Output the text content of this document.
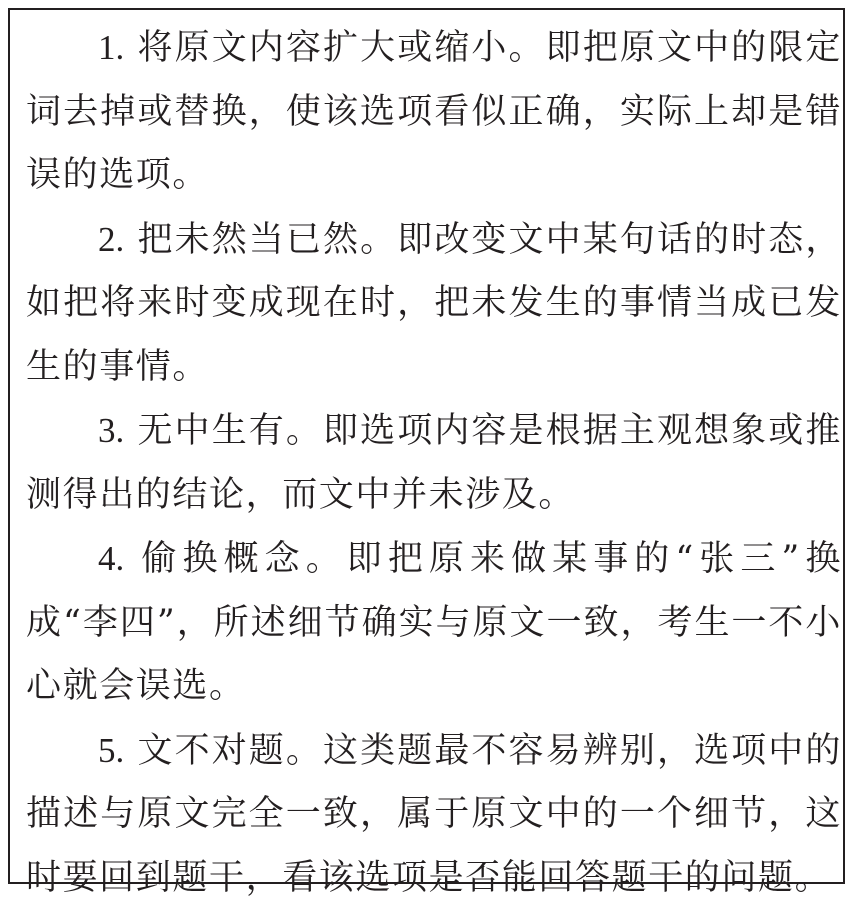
1. 将原文内容扩大或缩小。即把原文中的限定词去掉或替换，使该选项看似正确，实际上却是错误的选项。

2. 把未然当已然。即改变文中某句话的时态，如把将来时变成现在时，把未发生的事情当成已发生的事情。

3. 无中生有。即选项内容是根据主观想象或推测得出的结论，而文中并未涉及。

4. 偷换概念。即把原来做某事的“张三”换成“李四”，所述细节确实与原文一致，考生一不小心就会误选。

5. 文不对题。这类题最不容易辨别，选项中的描述与原文完全一致，属于原文中的一个细节，这时要回到题干，看该选项是否能回答题干的问题。
